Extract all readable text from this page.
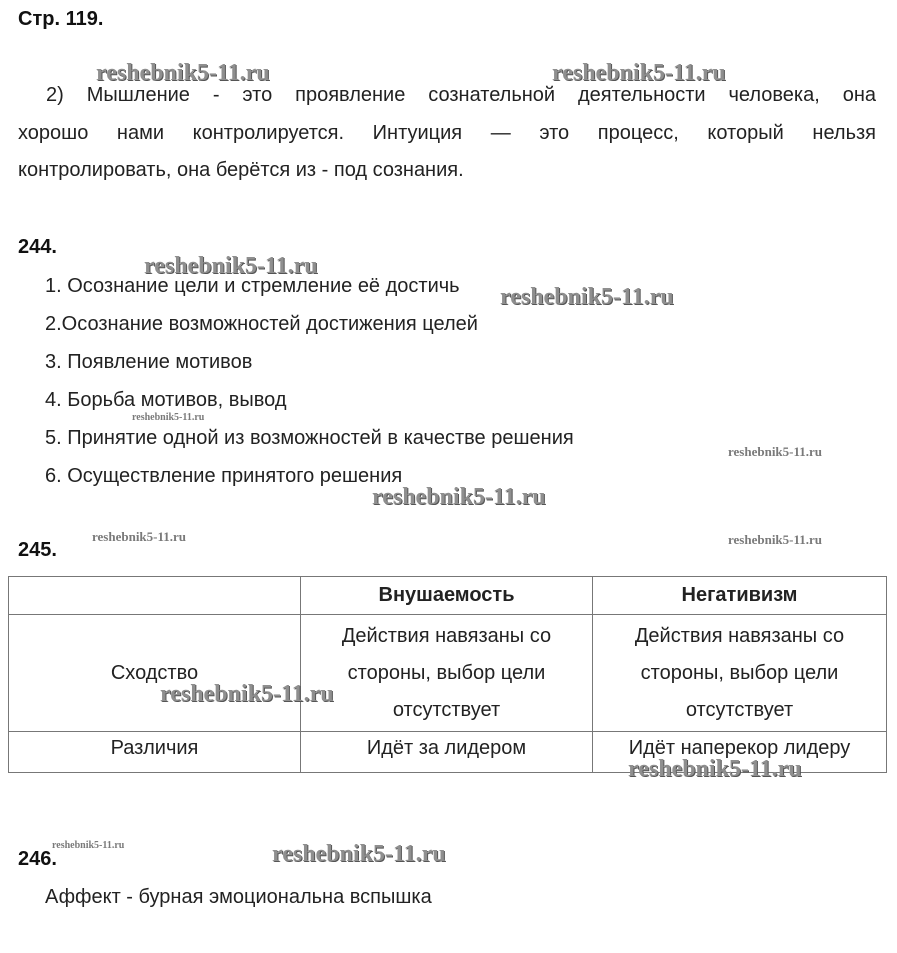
Стр. 119.
2) Мышление - это проявление сознательной деятельности человека, она
хорошо нами контролируется. Интуиция — это процесс, который нельзя
контролировать, она берётся из - под сознания.
244.
1. Осознание цели и стремление её достичь
2.Осознание возможностей достижения целей
3. Появление мотивов
4. Борьба мотивов, вывод
5. Принятие одной из возможностей в качестве решения
6. Осуществление принятого решения
245.
	Внушаемость	Негативизм
Сходство	Действия навязаны со стороны, выбор цели отсутствует	Действия навязаны со стороны, выбор цели отсутствует
Различия	Идёт за лидером	Идёт наперекор лидеру
246.
Аффект - бурная эмоциональна вспышка
reshebnik5-11.ru	reshebnik5-11.ru
reshebnik5-11.ru
reshebnik5-11.ru
reshebnik5-11.ru
reshebnik5-11.ru
reshebnik5-11.ru
reshebnik5-11.ru	reshebnik5-11.ru
reshebnik5-11.ru
reshebnik5-11.ru
reshebnik5-11.ru	reshebnik5-11.ru
